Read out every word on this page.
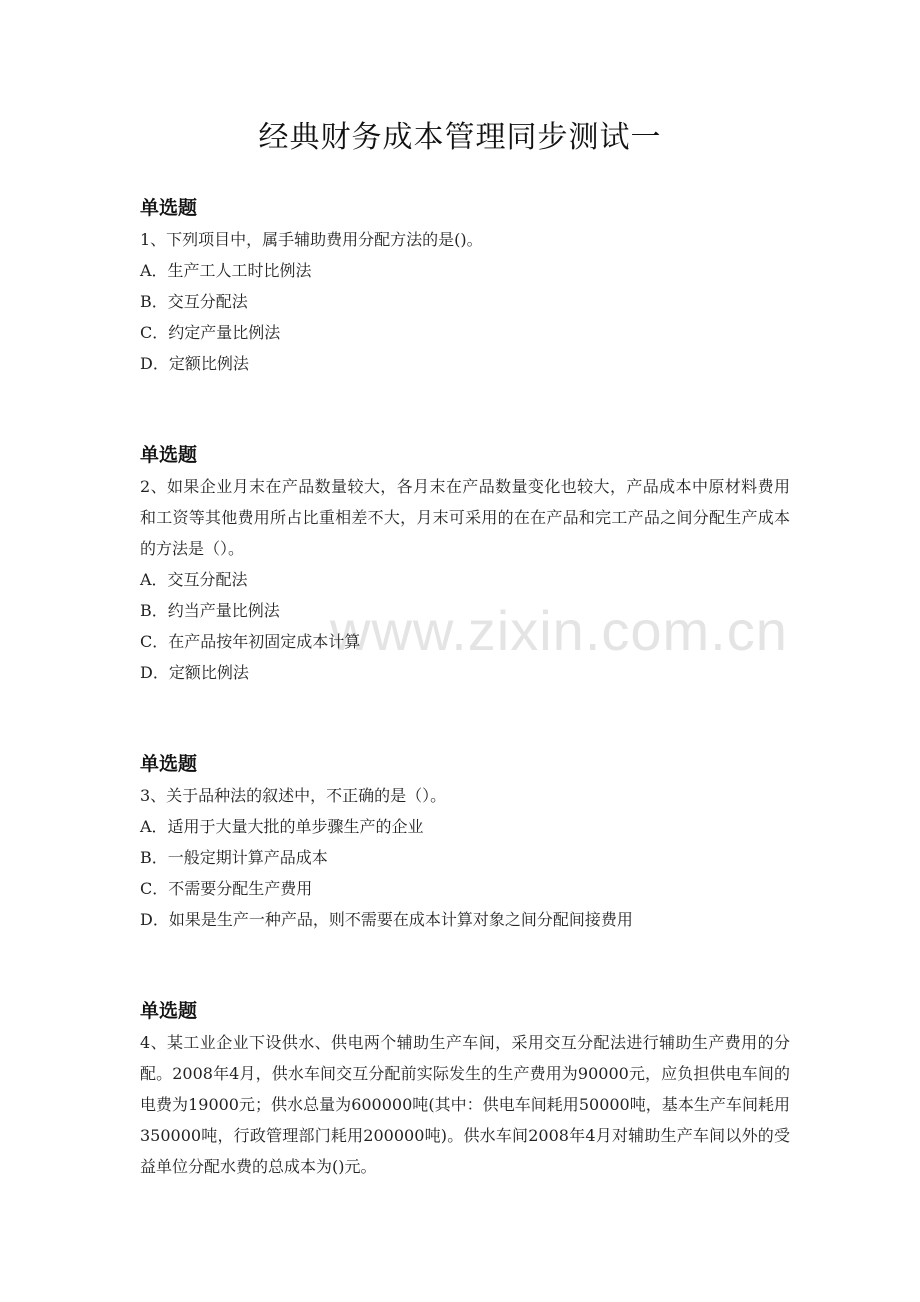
www.zixin.com.cn
经典财务成本管理同步测试一
单选题
1、下列项目中，属手辅助费用分配方法的是()。
A．生产工人工时比例法
B．交互分配法
C．约定产量比例法
D．定额比例法
单选题
2、如果企业月末在产品数量较大，各月末在产品数量变化也较大，产品成本中原材料费用和工资等其他费用所占比重相差不大，月末可采用的在在产品和完工产品之间分配生产成本的方法是（）。
A．交互分配法
B．约当产量比例法
C．在产品按年初固定成本计算
D．定额比例法
单选题
3、关于品种法的叙述中，不正确的是（）。
A．适用于大量大批的单步骤生产的企业
B．一般定期计算产品成本
C．不需要分配生产费用
D．如果是生产一种产品，则不需要在成本计算对象之间分配间接费用
单选题
4、某工业企业下设供水、供电两个辅助生产车间，采用交互分配法进行辅助生产费用的分配。2008年4月，供水车间交互分配前实际发生的生产费用为90000元，应负担供电车间的电费为19000元；供水总量为600000吨(其中：供电车间耗用50000吨，基本生产车间耗用350000吨，行政管理部门耗用200000吨)。供水车间2008年4月对辅助生产车间以外的受益单位分配水费的总成本为()元。
